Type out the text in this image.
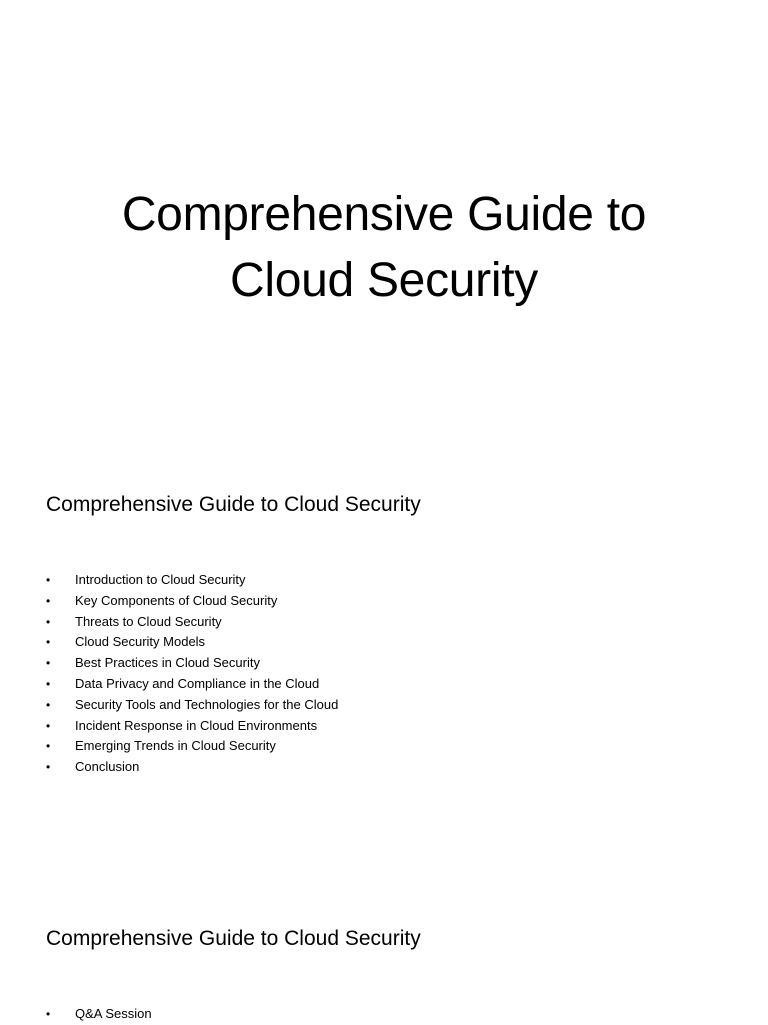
Comprehensive Guide to
Cloud Security
Comprehensive Guide to Cloud Security
• Introduction to Cloud Security
• Key Components of Cloud Security
• Threats to Cloud Security
• Cloud Security Models
• Best Practices in Cloud Security
• Data Privacy and Compliance in the Cloud
• Security Tools and Technologies for the Cloud
• Incident Response in Cloud Environments
• Emerging Trends in Cloud Security
• Conclusion
Comprehensive Guide to Cloud Security
• Q&A Session
